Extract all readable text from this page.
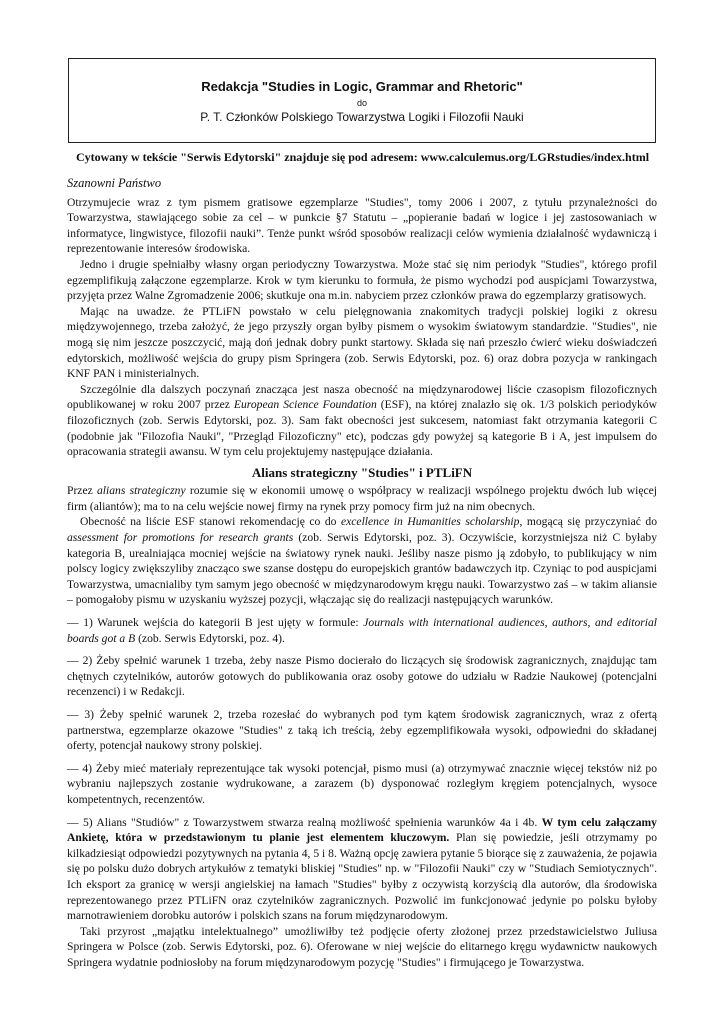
Redakcja "Studies in Logic, Grammar and Rhetoric"
do
P. T. Członków Polskiego Towarzystwa Logiki i Filozofii Nauki
Cytowany w tekście "Serwis Edytorski" znajduje się pod adresem: www.calculemus.org/LGRstudies/index.html

Szanowni Państwo

Otrzymujecie wraz z tym pismem gratisowe egzemplarze "Studies", tomy 2006 i 2007, z tytułu przynależności do Towarzystwa, stawiającego sobie za cel – w punkcie §7 Statutu – „popieranie badań w logice i jej zastosowaniach w informatyce, lingwistyce, filozofii nauki”. Tenże punkt wśród sposobów realizacji celów wymienia działalność wydawniczą i reprezentowanie interesów środowiska.

Jedno i drugie spełniałby własny organ periodyczny Towarzystwa. Może stać się nim periodyk "Studies", którego profil egzemplifikują załączone egzemplarze. Krok w tym kierunku to formuła, że pismo wychodzi pod auspicjami Towarzystwa, przyjęta przez Walne Zgromadzenie 2006; skutkuje ona m.in. nabyciem przez członków prawa do egzemplarzy gratisowych.

Mając na uwadze. że PTLiFN powstało w celu pielęgnowania znakomitych tradycji polskiej logiki z okresu międzywojennego, trzeba założyć, że jego przyszły organ byłby pismem o wysokim światowym standardzie. "Studies", nie mogą się nim jeszcze poszczycić, mają doń jednak dobry punkt startowy. Składa się nań przeszło ćwierć wieku doświadczeń edytorskich, możliwość wejścia do grupy pism Springera (zob. Serwis Edytorski, poz. 6) oraz dobra pozycja w rankingach KNF PAN i ministerialnych.

Szczególnie dla dalszych poczynań znacząca jest nasza obecność na międzynarodowej liście czasopism filozoficznych opublikowanej w roku 2007 przez European Science Foundation (ESF), na której znalazło się ok. 1/3 polskich periodyków filozoficznych (zob. Serwis Edytorski, poz. 3). Sam fakt obecności jest sukcesem, natomiast fakt otrzymania kategorii C (podobnie jak "Filozofia Nauki", "Przegląd Filozoficzny" etc), podczas gdy powyżej są kategorie B i A, jest impulsem do opracowania strategii awansu. W tym celu projektujemy następujące działania.

Alians strategiczny "Studies" i PTLiFN

Przez alians strategiczny rozumie się w ekonomii umowę o współpracy w realizacji wspólnego projektu dwóch lub więcej firm (aliantów); ma to na celu wejście nowej firmy na rynek przy pomocy firm już na nim obecnych.

Obecność na liście ESF stanowi rekomendację co do excellence in Humanities scholarship, mogącą się przyczyniać do assessment for promotions for research grants (zob. Serwis Edytorski, poz. 3). Oczywiście, korzystniejsza niż C byłaby kategoria B, urealniająca mocniej wejście na światowy rynek nauki. Jeśliby nasze pismo ją zdobyło, to publikujący w nim polscy logicy zwiększyliby znacząco swe szanse dostępu do europejskich grantów badawczych itp. Czyniąc to pod auspicjami Towarzystwa, umacnialiby tym samym jego obecność w międzynarodowym kręgu nauki. Towarzystwo zaś – w takim aliansie – pomogałoby pismu w uzyskaniu wyższej pozycji, włączając się do realizacji następujących warunków.

— 1) Warunek wejścia do kategorii B jest ujęty w formule: Journals with international audiences, authors, and editorial boards got a B (zob. Serwis Edytorski, poz. 4).

— 2) Żeby spełnić warunek 1 trzeba, żeby nasze Pismo docierało do liczących się środowisk zagranicznych, znajdując tam chętnych czytelników, autorów gotowych do publikowania oraz osoby gotowe do udziału w Radzie Naukowej (potencjalni recenzenci) i w Redakcji.

— 3) Żeby spełnić warunek 2, trzeba rozesłać do wybranych pod tym kątem środowisk zagranicznych, wraz z ofertą partnerstwa, egzemplarze okazowe "Studies" z taką ich treścią, żeby egzemplifikowała wysoki, odpowiedni do składanej oferty, potencjał naukowy strony polskiej.

— 4) Żeby mieć materiały reprezentujące tak wysoki potencjał, pismo musi (a) otrzymywać znacznie więcej tekstów niż po wybraniu najlepszych zostanie wydrukowane, a zarazem (b) dysponować rozległym kręgiem potencjalnych, wysoce kompetentnych, recenzentów.

— 5) Alians "Studiów" z Towarzystwem stwarza realną możliwość spełnienia warunków 4a i 4b. W tym celu załączamy Ankietę, która w przedstawionym tu planie jest elementem kluczowym. Plan się powiedzie, jeśli otrzymamy po kilkadziesiąt odpowiedzi pozytywnych na pytania 4, 5 i 8. Ważną opcję zawiera pytanie 5 biorące się z zauważenia, że pojawia się po polsku dużo dobrych artykułów z tematyki bliskiej "Studies" np. w "Filozofii Nauki" czy w "Studiach Semiotycznych". Ich eksport za granicę w wersji angielskiej na łamach "Studies" byłby z oczywistą korzyścią dla autorów, dla środowiska reprezentowanego przez PTLiFN oraz czytelników zagranicznych. Pozwolić im funkcjonować jedynie po polsku byłoby marnotrawieniem dorobku autorów i polskich szans na forum międzynarodowym.

Taki przyrost „majątku intelektualnego” umożliwiłby też podjęcie oferty złożonej przez przedstawicielstwo Juliusa Springera w Polsce (zob. Serwis Edytorski, poz. 6). Oferowane w niej wejście do elitarnego kręgu wydawnictw naukowych Springera wydatnie podniosłoby na forum międzynarodowym pozycję "Studies" i firmującego je Towarzystwa.
